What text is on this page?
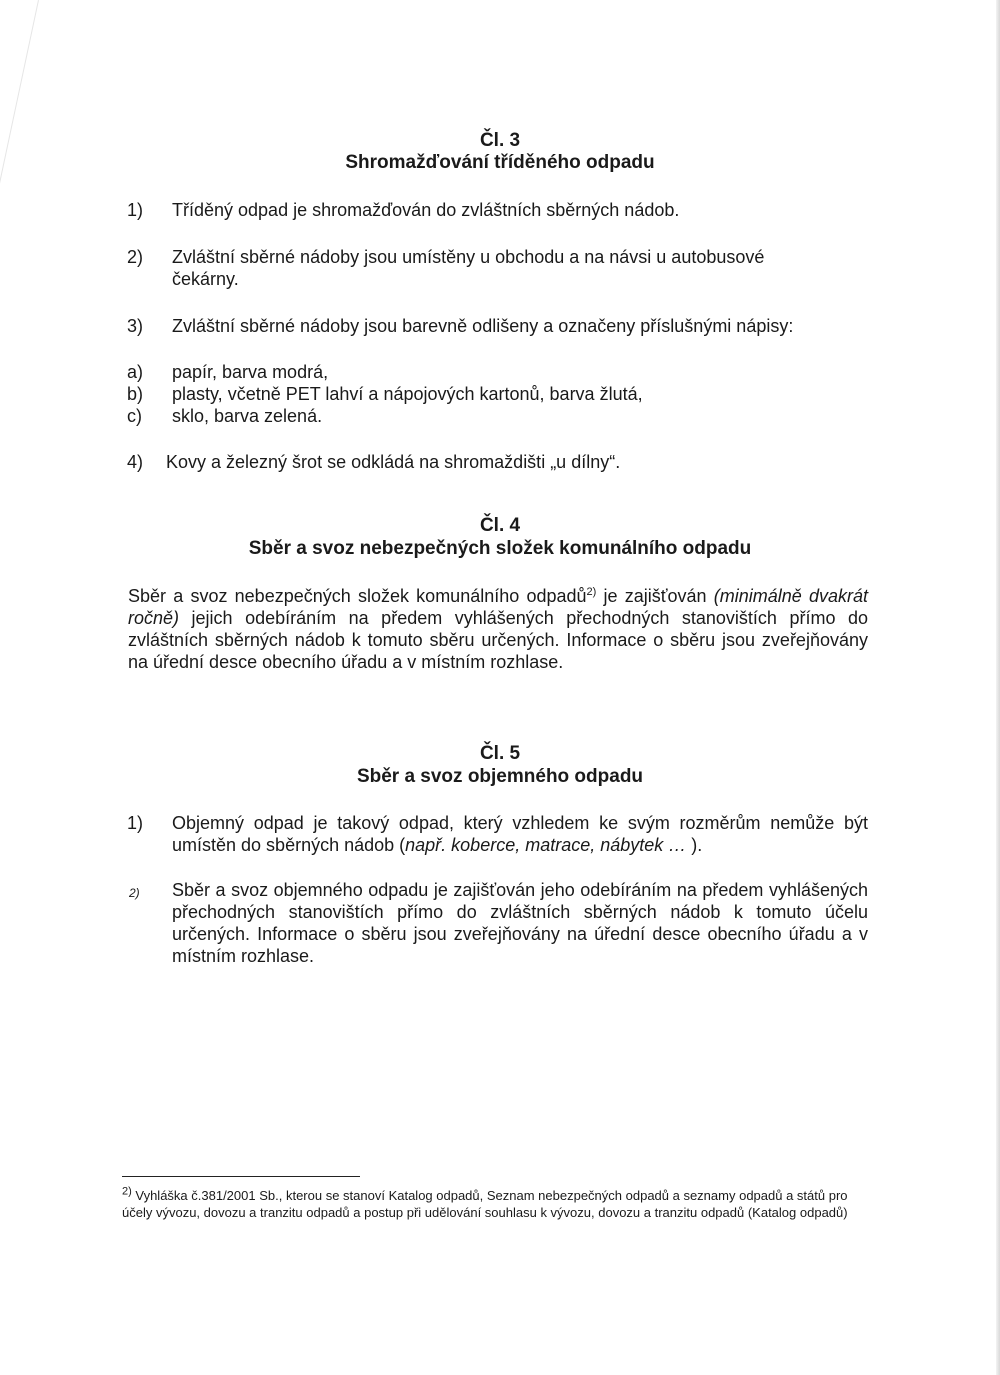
Čl. 3
Shromažďování tříděného odpadu
1) Tříděný odpad je shromažďován do zvláštních sběrných nádob.
2) Zvláštní sběrné nádoby jsou umístěny u obchodu a na návsi u autobusové
čekárny.
3) Zvláštní sběrné nádoby jsou barevně odlišeny a označeny příslušnými nápisy:
a) papír, barva modrá,
b) plasty, včetně PET lahví a nápojových kartonů, barva žlutá,
c) sklo, barva zelená.
4) Kovy a železný šrot se odkládá na shromaždišti „u dílny“.
Čl. 4
Sběr a svoz nebezpečných složek komunálního odpadu
Sběr a svoz nebezpečných složek komunálního odpadů$^{2)}$ je zajišťován (minimálně dvakrát ročně) jejich odebíráním na předem vyhlášených přechodných stanovištích přímo do zvláštních sběrných nádob k tomuto sběru určených. Informace o sběru jsou zveřejňovány na úřední desce obecního úřadu a v místním rozhlase.
Čl. 5
Sběr a svoz objemného odpadu
1) Objemný odpad je takový odpad, který vzhledem ke svým rozměrům nemůže být umístěn do sběrných nádob (např. koberce, matrace, nábytek … ).
2) Sběr a svoz objemného odpadu je zajišťován jeho odebíráním na předem vyhlášených přechodných stanovištích přímo do zvláštních sběrných nádob k tomuto účelu určených. Informace o sběru jsou zveřejňovány na úřední desce obecního úřadu a v místním rozhlase.
$^{2)}$ Vyhláška č.381/2001 Sb., kterou se stanoví Katalog odpadů, Seznam nebezpečných odpadů a seznamy odpadů a států pro účely vývozu, dovozu a tranzitu odpadů a postup při udělování souhlasu k vývozu, dovozu a tranzitu odpadů (Katalog odpadů)
